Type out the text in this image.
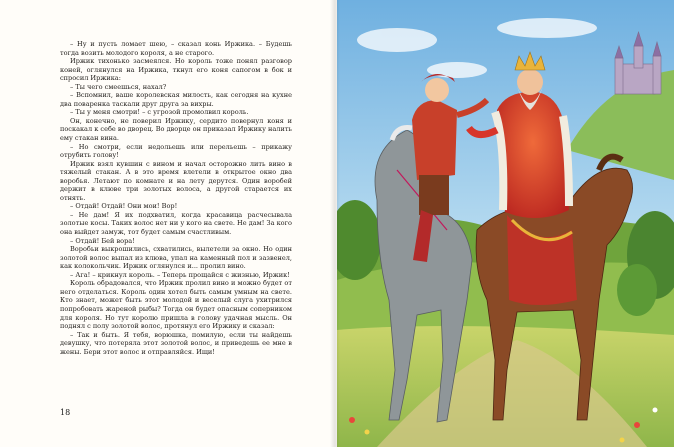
– Ну и пусть ломает шею, – сказал конь Иржика. – Будешь тогда возить молодого короля, а не старого.

Иржик тихонько засмеялся. Но король тоже понял разговор коней, оглянулся на Иржика, ткнул его коня сапогом в бок и спросил Иржика:

– Ты чего смеешься, нахал?

– Вспомнил, ваше королевская милость, как сегодня на кухне два поваренка таскали друг друга за вихры.

– Ты у меня смотри! – с угрозой промолвил король.

Он, конечно, не поверил Иржику, сердито повернул коня и поскакал к себе во дворец. Во дворце он приказал Иржику налить ему стакан вина.

– Но смотри, если недольешь или перельешь – прикажу отрубить голову!

Иржик взял кувшин с вином и начал осторожно лить вино в тяжелый стакан. А в это время влетели в открытое окно два воробья. Летают по комнате и на лету дерутся. Один воробей держит в клюве три золотых волоса, а другой старается их отнять.

– Отдай! Отдай! Они мои! Вор!

– Не дам! Я их подхватил, когда красавица расчесывала золотые косы. Таких волос нет ни у кого на свете. Не дам! За кого она выйдет замуж, тот будет самым счастливым.

– Отдай! Бей вора!

Воробьи выкрошились, схватились, вылетели за окно. Но один золотой волос выпал из клюва, упал на каменный пол и зазвенел, как колокольчик. Иржик оглянулся и... пролил вино.

– Ага! – крикнул король. – Теперь прощайся с жизнью, Иржик!

Король обрадовался, что Иржик пролил вино и можно будет от него отделаться. Король один хотел быть самым умным на свете. Кто знает, может быть этот молодой и веселый слуга ухитрился попробовать жареной рыбы? Тогда он будет опасным соперником для короля. Но тут королю пришла в голову удачная мысль. Он поднял с полу золотой волос, протянул его Иржику и сказал:

– Так и быть. Я тебя, ворюшка, помилую, если ты найдешь девушку, что потеряла этот золотой волос, и приведешь ее мне в жены. Бери этот волос и отправляйся. Ищи!

18
